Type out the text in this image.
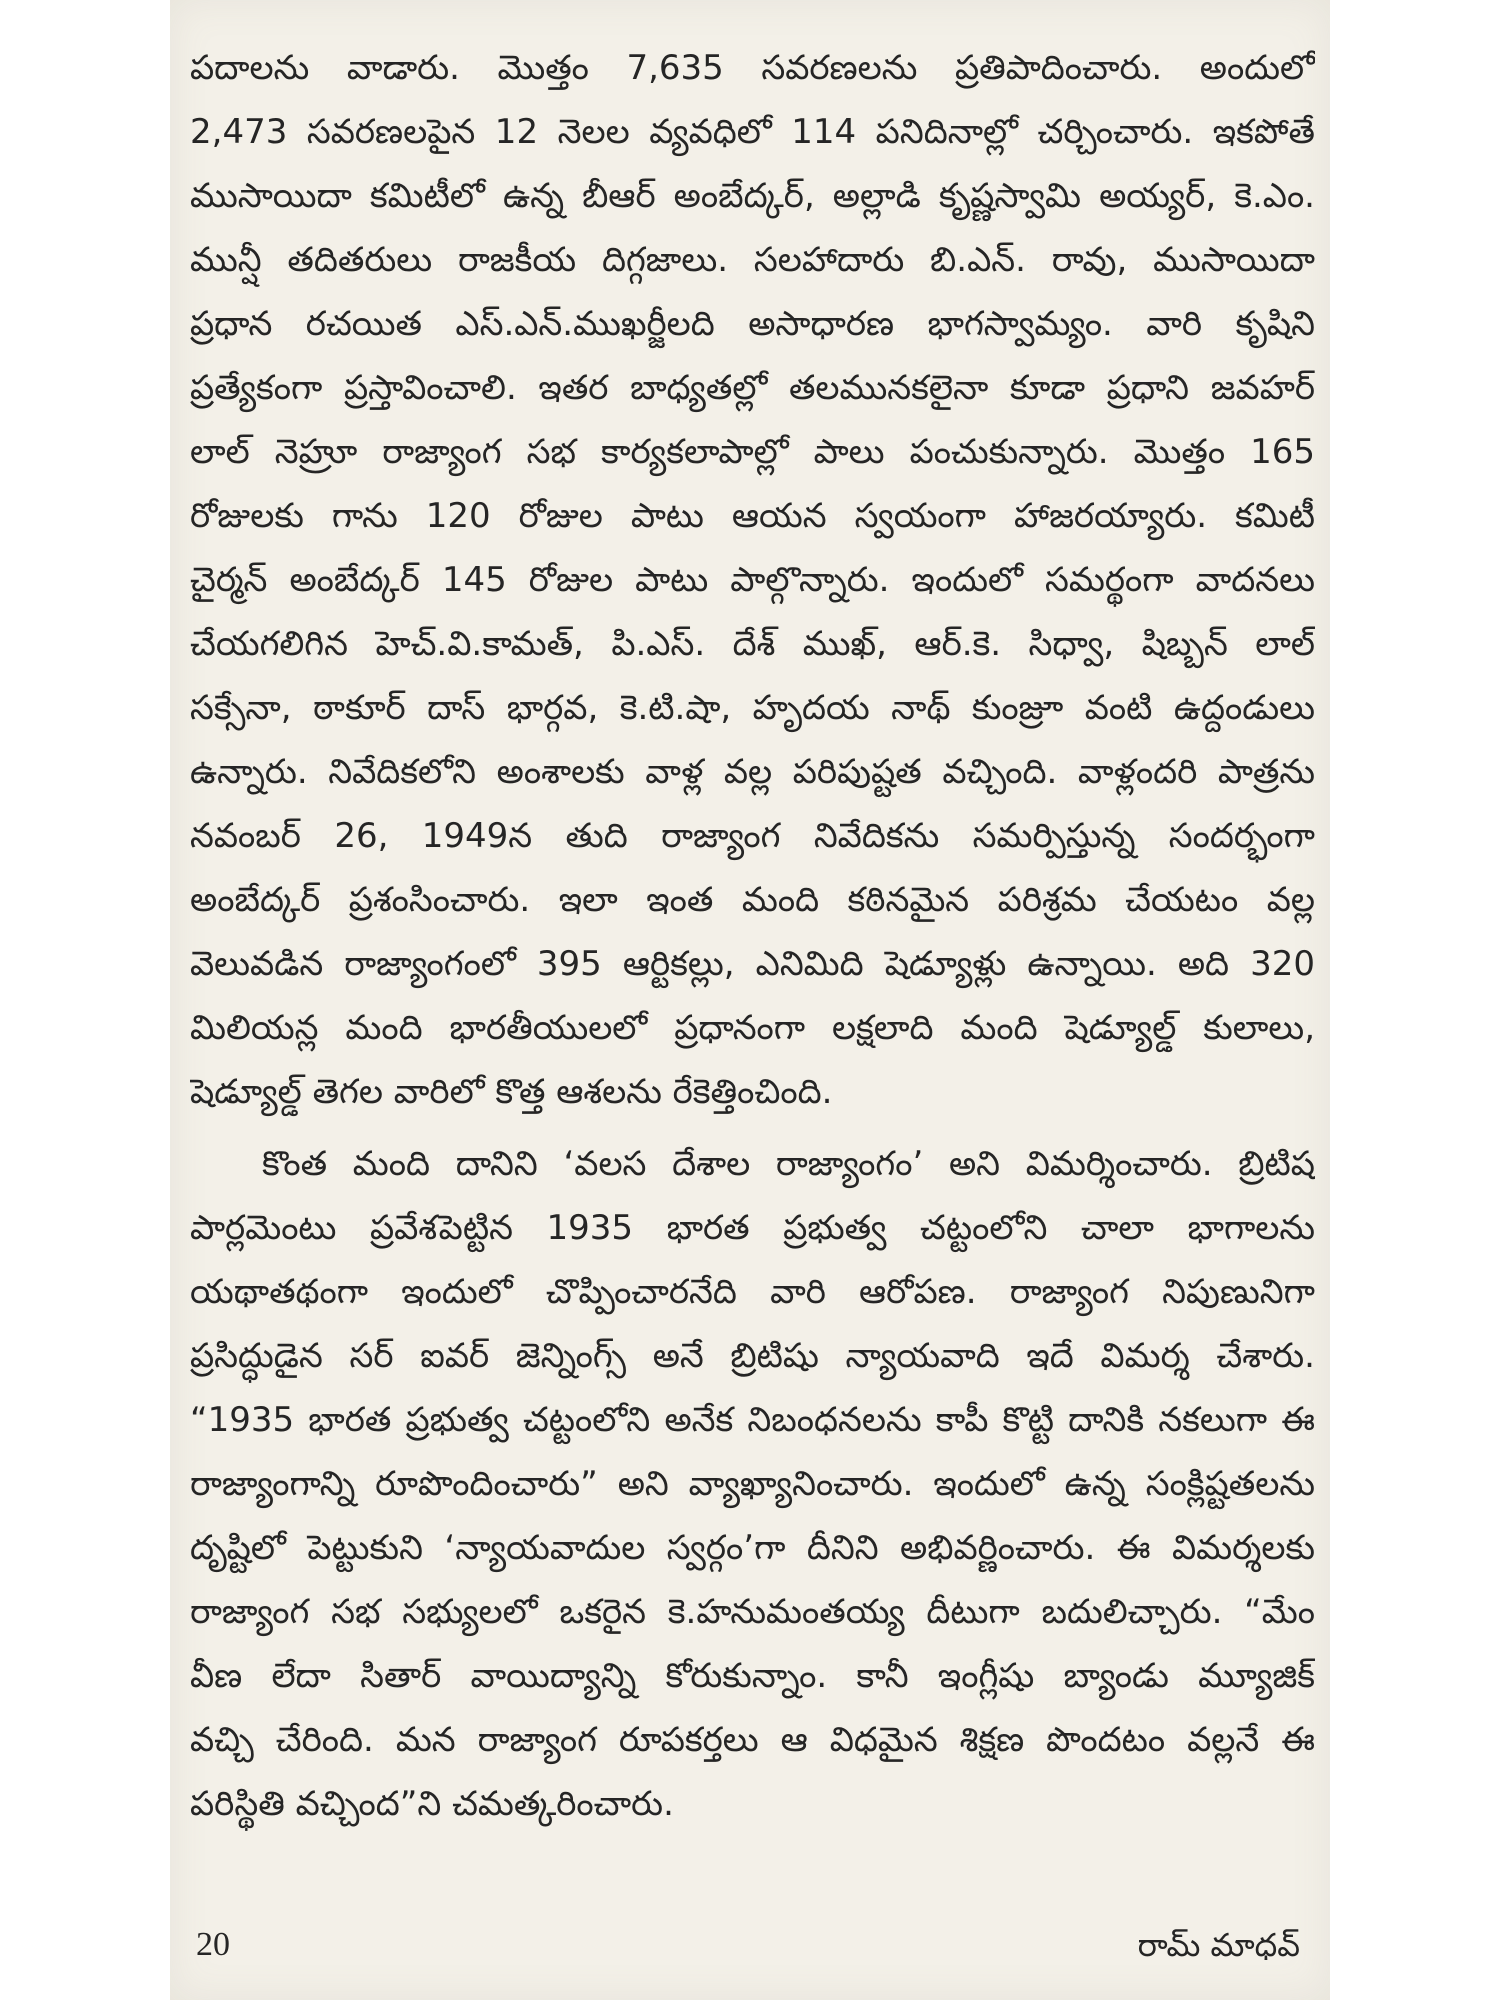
పదాలను వాడారు. మొత్తం 7,635 సవరణలను ప్రతిపాదించారు. అందులో
2,473 సవరణలపైన 12 నెలల వ్యవధిలో 114 పనిదినాల్లో చర్చించారు. ఇకపోతే
ముసాయిదా కమిటీలో ఉన్న బీఆర్ అంబేద్కర్, అల్లాడి కృష్ణస్వామి అయ్యర్, కె.ఎం.
మున్షీ తదితరులు రాజకీయ దిగ్గజాలు. సలహాదారు బి.ఎన్. రావు, ముసాయిదా
ప్రధాన రచయిత ఎస్.ఎన్.ముఖర్జీలది అసాధారణ భాగస్వామ్యం. వారి కృషిని
ప్రత్యేకంగా ప్రస్తావించాలి. ఇతర బాధ్యతల్లో తలమునకలైనా కూడా ప్రధాని జవహర్
లాల్ నెహ్రూ రాజ్యాంగ సభ కార్యకలాపాల్లో పాలు పంచుకున్నారు. మొత్తం 165
రోజులకు గాను 120 రోజుల పాటు ఆయన స్వయంగా హాజరయ్యారు. కమిటీ
చైర్మన్ అంబేద్కర్ 145 రోజుల పాటు పాల్గొన్నారు. ఇందులో సమర్థంగా వాదనలు
చేయగలిగిన హెచ్.వి.కామత్, పి.ఎస్. దేశ్ ముఖ్, ఆర్.కె. సిధ్వా, షిబ్బన్ లాల్
సక్సేనా, ఠాకూర్ దాస్ భార్గవ, కె.టి.షా, హృదయ నాథ్ కుంజ్రూ వంటి ఉద్దండులు
ఉన్నారు. నివేదికలోని అంశాలకు వాళ్ల వల్ల పరిపుష్టత వచ్చింది. వాళ్లందరి పాత్రను
నవంబర్ 26, 1949న తుది రాజ్యాంగ నివేదికను సమర్పిస్తున్న సందర్భంగా
అంబేద్కర్ ప్రశంసించారు. ఇలా ఇంత మంది కఠినమైన పరిశ్రమ చేయటం వల్ల
వెలువడిన రాజ్యాంగంలో 395 ఆర్టికల్లు, ఎనిమిది షెడ్యూళ్లు ఉన్నాయి. అది 320
మిలియన్ల మంది భారతీయులలో ప్రధానంగా లక్షలాది మంది షెడ్యూల్డ్ కులాలు,
షెడ్యూల్డ్ తెగల వారిలో కొత్త ఆశలను రేకెత్తించింది.
కొంత మంది దానిని ‘వలస దేశాల రాజ్యాంగం’ అని విమర్శించారు. బ్రిటిష
పార్లమెంటు ప్రవేశపెట్టిన 1935 భారత ప్రభుత్వ చట్టంలోని చాలా భాగాలను
యథాతథంగా ఇందులో చొప్పించారనేది వారి ఆరోపణ. రాజ్యాంగ నిపుణునిగా
ప్రసిద్ధుడైన సర్ ఐవర్ జెన్నింగ్స్ అనే బ్రిటిషు న్యాయవాది ఇదే విమర్శ చేశారు.
“1935 భారత ప్రభుత్వ చట్టంలోని అనేక నిబంధనలను కాపీ కొట్టి దానికి నకలుగా ఈ
రాజ్యాంగాన్ని రూపొందించారు” అని వ్యాఖ్యానించారు. ఇందులో ఉన్న సంక్లిష్టతలను
దృష్టిలో పెట్టుకుని ‘న్యాయవాదుల స్వర్గం’గా దీనిని అభివర్ణించారు. ఈ విమర్శలకు
రాజ్యాంగ సభ సభ్యులలో ఒకరైన కె.హనుమంతయ్య దీటుగా బదులిచ్చారు. “మేం
వీణ లేదా సితార్ వాయిద్యాన్ని కోరుకున్నాం. కానీ ఇంగ్లీషు బ్యాండు మ్యూజిక్
వచ్చి చేరింది. మన రాజ్యాంగ రూపకర్తలు ఆ విధమైన శిక్షణ పొందటం వల్లనే ఈ
పరిస్థితి వచ్చింద”ని చమత్కరించారు.
20	రామ్ మాధవ్
